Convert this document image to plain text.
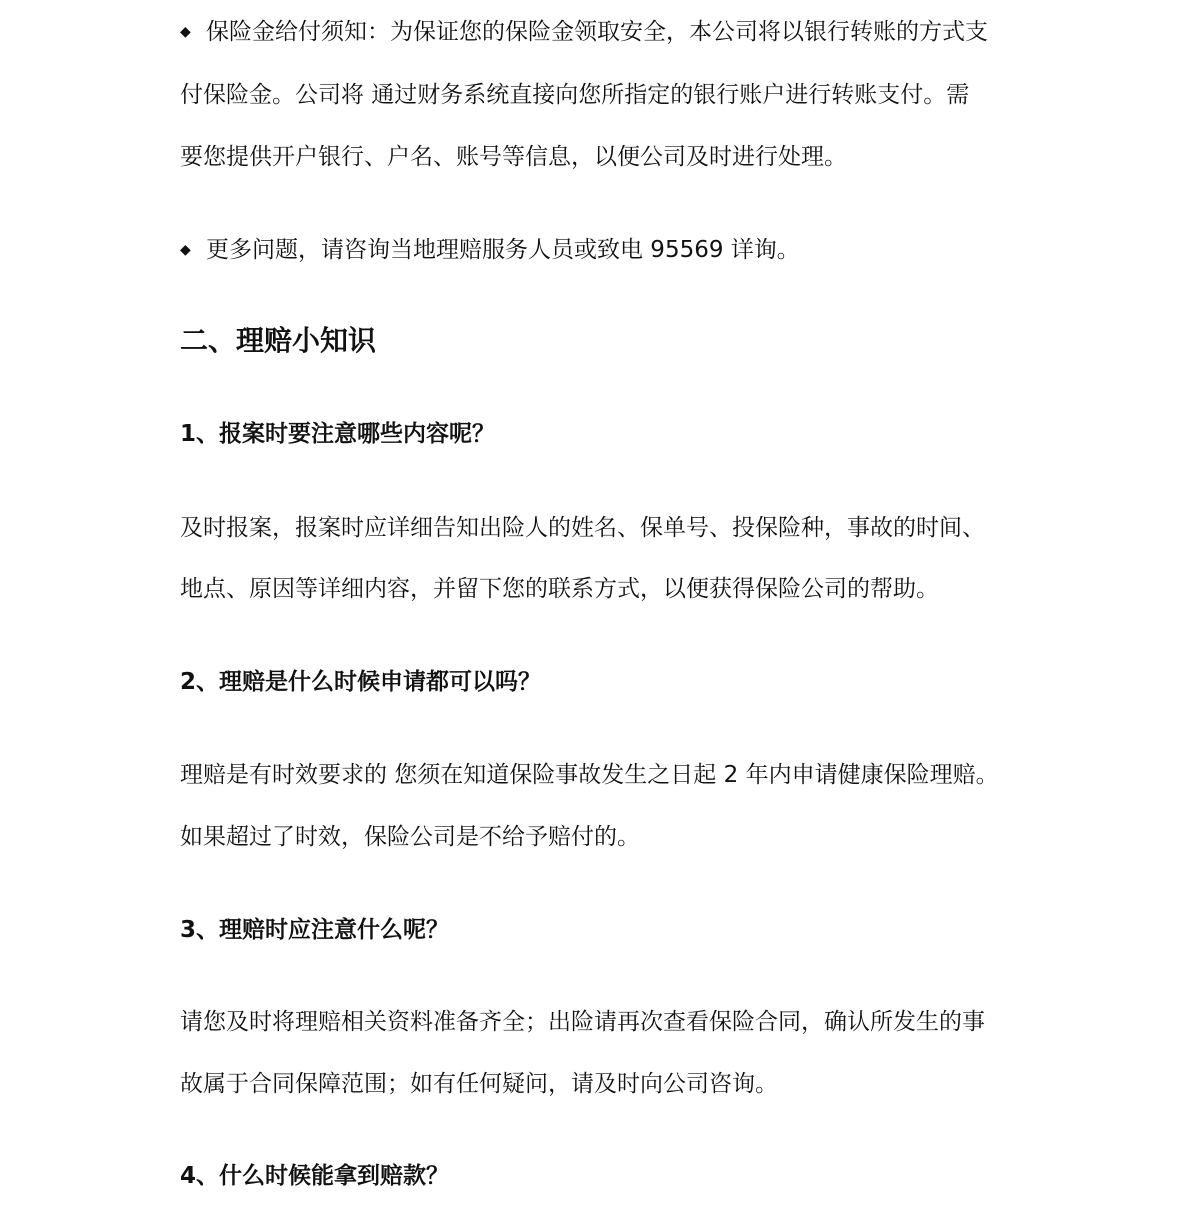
◆ 保险金给付须知：为保证您的保险金领取安全，本公司将以银行转账的方式支
付保险金。公司将 通过财务系统直接向您所指定的银行账户进行转账支付。需
要您提供开户银行、户名、账号等信息，以便公司及时进行处理。
◆ 更多问题，请咨询当地理赔服务人员或致电 95569 详询。
二、理赔小知识
1、报案时要注意哪些内容呢？
及时报案，报案时应详细告知出险人的姓名、保单号、投保险种，事故的时间、
地点、原因等详细内容，并留下您的联系方式，以便获得保险公司的帮助。
2、理赔是什么时候申请都可以吗？
理赔是有时效要求的 您须在知道保险事故发生之日起 2 年内申请健康保险理赔。
如果超过了时效，保险公司是不给予赔付的。
3、理赔时应注意什么呢？
请您及时将理赔相关资料准备齐全；出险请再次查看保险合同，确认所发生的事
故属于合同保障范围；如有任何疑问，请及时向公司咨询。
4、什么时候能拿到赔款？
